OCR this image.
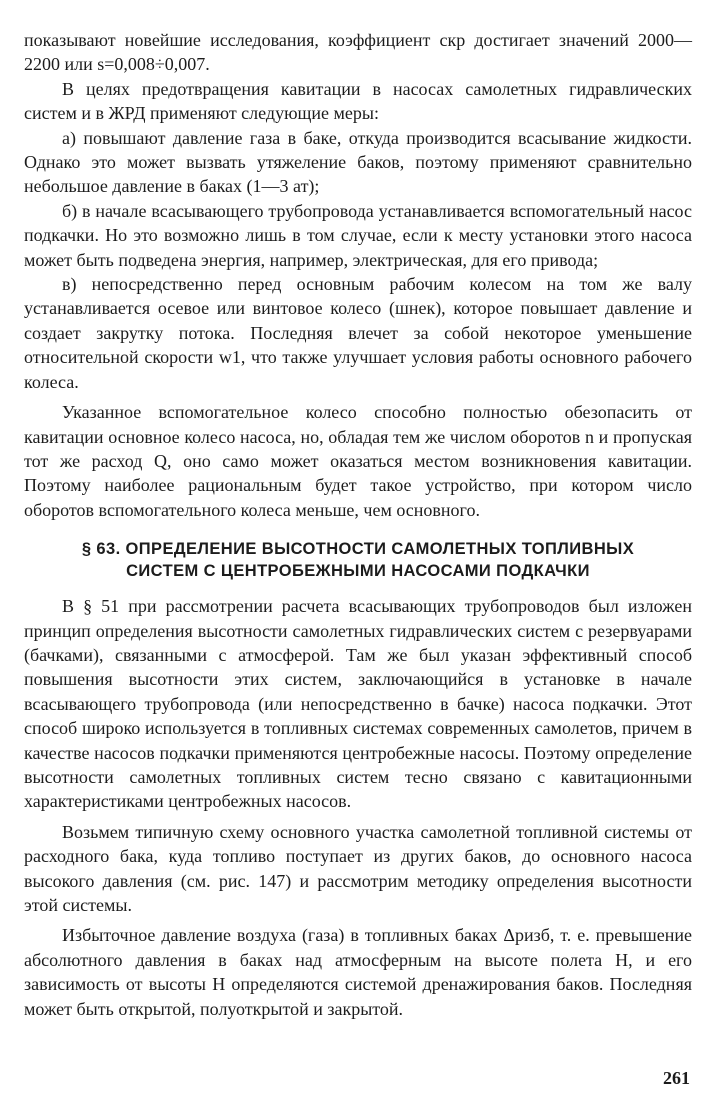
показывают новейшие исследования, коэффициент cкр достигает значений 2000—2200 или s=0,008÷0,007.

В целях предотвращения кавитации в насосах самолетных гидравлических систем и в ЖРД применяют следующие меры:

а) повышают давление газа в баке, откуда производится всасывание жидкости. Однако это может вызвать утяжеление баков, поэтому применяют сравнительно небольшое давление в баках (1—3 ат);

б) в начале всасывающего трубопровода устанавливается вспомогательный насос подкачки. Но это возможно лишь в том случае, если к месту установки этого насоса может быть подведена энергия, например, электрическая, для его привода;

в) непосредственно перед основным рабочим колесом на том же валу устанавливается осевое или винтовое колесо (шнек), которое повышает давление и создает закрутку потока. Последняя влечет за собой некоторое уменьшение относительной скорости w1, что также улучшает условия работы основного рабочего колеса.

Указанное вспомогательное колесо способно полностью обезопасить от кавитации основное колесо насоса, но, обладая тем же числом оборотов n и пропуская тот же расход Q, оно само может оказаться местом возникновения кавитации. Поэтому наиболее рациональным будет такое устройство, при котором число оборотов вспомогательного колеса меньше, чем основного.

§ 63. ОПРЕДЕЛЕНИЕ ВЫСОТНОСТИ САМОЛЕТНЫХ ТОПЛИВНЫХ
СИСТЕМ С ЦЕНТРОБЕЖНЫМИ НАСОСАМИ ПОДКАЧКИ

В § 51 при рассмотрении расчета всасывающих трубопроводов был изложен принцип определения высотности самолетных гидравлических систем с резервуарами (бачками), связанными с атмосферой. Там же был указан эффективный способ повышения высотности этих систем, заключающийся в установке в начале всасывающего трубопровода (или непосредственно в бачке) насоса подкачки. Этот способ широко используется в топливных системах современных самолетов, причем в качестве насосов подкачки применяются центробежные насосы. Поэтому определение высотности самолетных топливных систем тесно связано с кавитационными характеристиками центробежных насосов.

Возьмем типичную схему основного участка самолетной топливной системы от расходного бака, куда топливо поступает из других баков, до основного насоса высокого давления (см. рис. 147) и рассмотрим методику определения высотности этой системы.

Избыточное давление воздуха (газа) в топливных баках Δpизб, т. е. превышение абсолютного давления в баках над атмосферным на высоте полета H, и его зависимость от высоты H определяются системой дренажирования баков. Последняя может быть открытой, полуоткрытой и закрытой.

261
